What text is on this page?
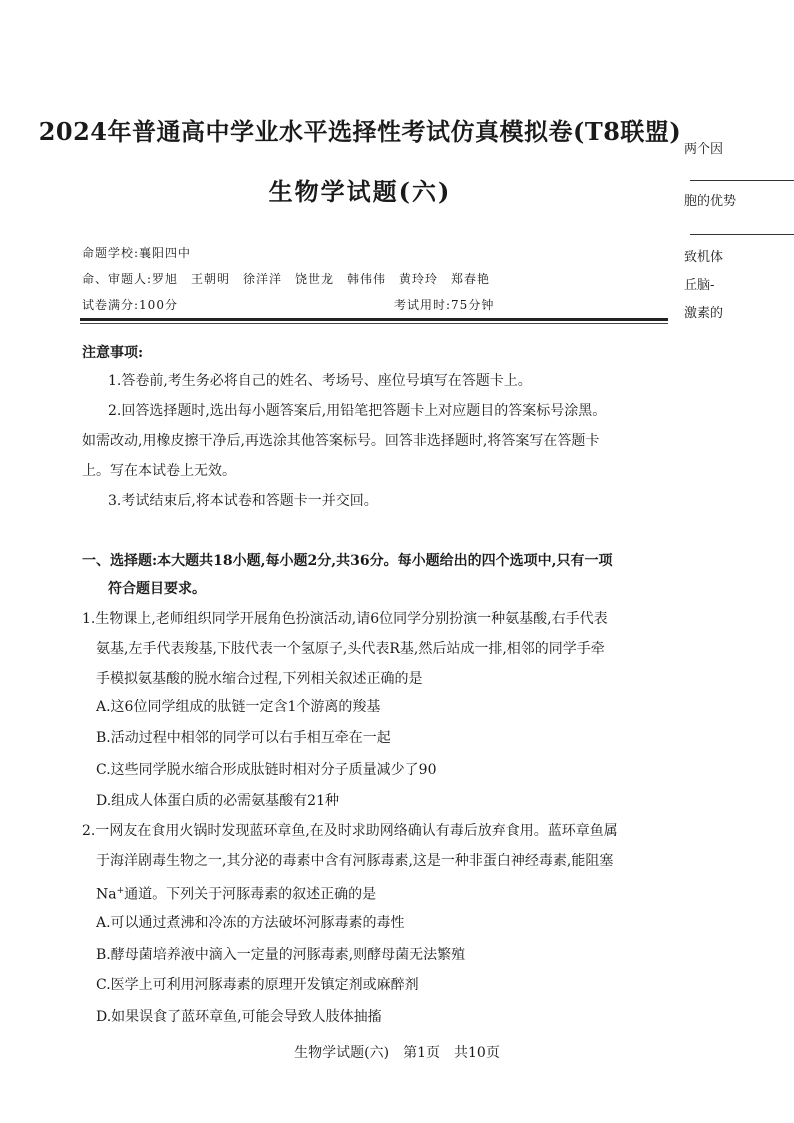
2024年普通高中学业水平选择性考试仿真模拟卷(T8联盟)
生物学试题(六)
命题学校:襄阳四中
命、审题人:罗旭　王朝明　徐洋洋　饶世龙　韩伟伟　黄玲玲　郑春艳
试卷满分:100分	考试用时:75分钟
注意事项:
1.答卷前,考生务必将自己的姓名、考场号、座位号填写在答题卡上。
2.回答选择题时,选出每小题答案后,用铅笔把答题卡上对应题目的答案标号涂黑。
如需改动,用橡皮擦干净后,再选涂其他答案标号。回答非选择题时,将答案写在答题卡
上。写在本试卷上无效。
3.考试结束后,将本试卷和答题卡一并交回。
一、选择题:本大题共18小题,每小题2分,共36分。每小题给出的四个选项中,只有一项
符合题目要求。
1.生物课上,老师组织同学开展角色扮演活动,请6位同学分别扮演一种氨基酸,右手代表
氨基,左手代表羧基,下肢代表一个氢原子,头代表R基,然后站成一排,相邻的同学手牵
手模拟氨基酸的脱水缩合过程,下列相关叙述正确的是
A.这6位同学组成的肽链一定含1个游离的羧基
B.活动过程中相邻的同学可以右手相互牵在一起
C.这些同学脱水缩合形成肽链时相对分子质量减少了90
D.组成人体蛋白质的必需氨基酸有21种
2.一网友在食用火锅时发现蓝环章鱼,在及时求助网络确认有毒后放弃食用。蓝环章鱼属
于海洋剧毒生物之一,其分泌的毒素中含有河豚毒素,这是一种非蛋白神经毒素,能阻塞
Na+通道。下列关于河豚毒素的叙述正确的是
A.可以通过煮沸和冷冻的方法破坏河豚毒素的毒性
B.酵母菌培养液中滴入一定量的河豚毒素,则酵母菌无法繁殖
C.医学上可利用河豚毒素的原理开发镇定剂或麻醉剂
D.如果误食了蓝环章鱼,可能会导致人肢体抽搐
生物学试题(六)　第1页　共10页
两个因
胞的优势
致机体
丘脑-
激素的
